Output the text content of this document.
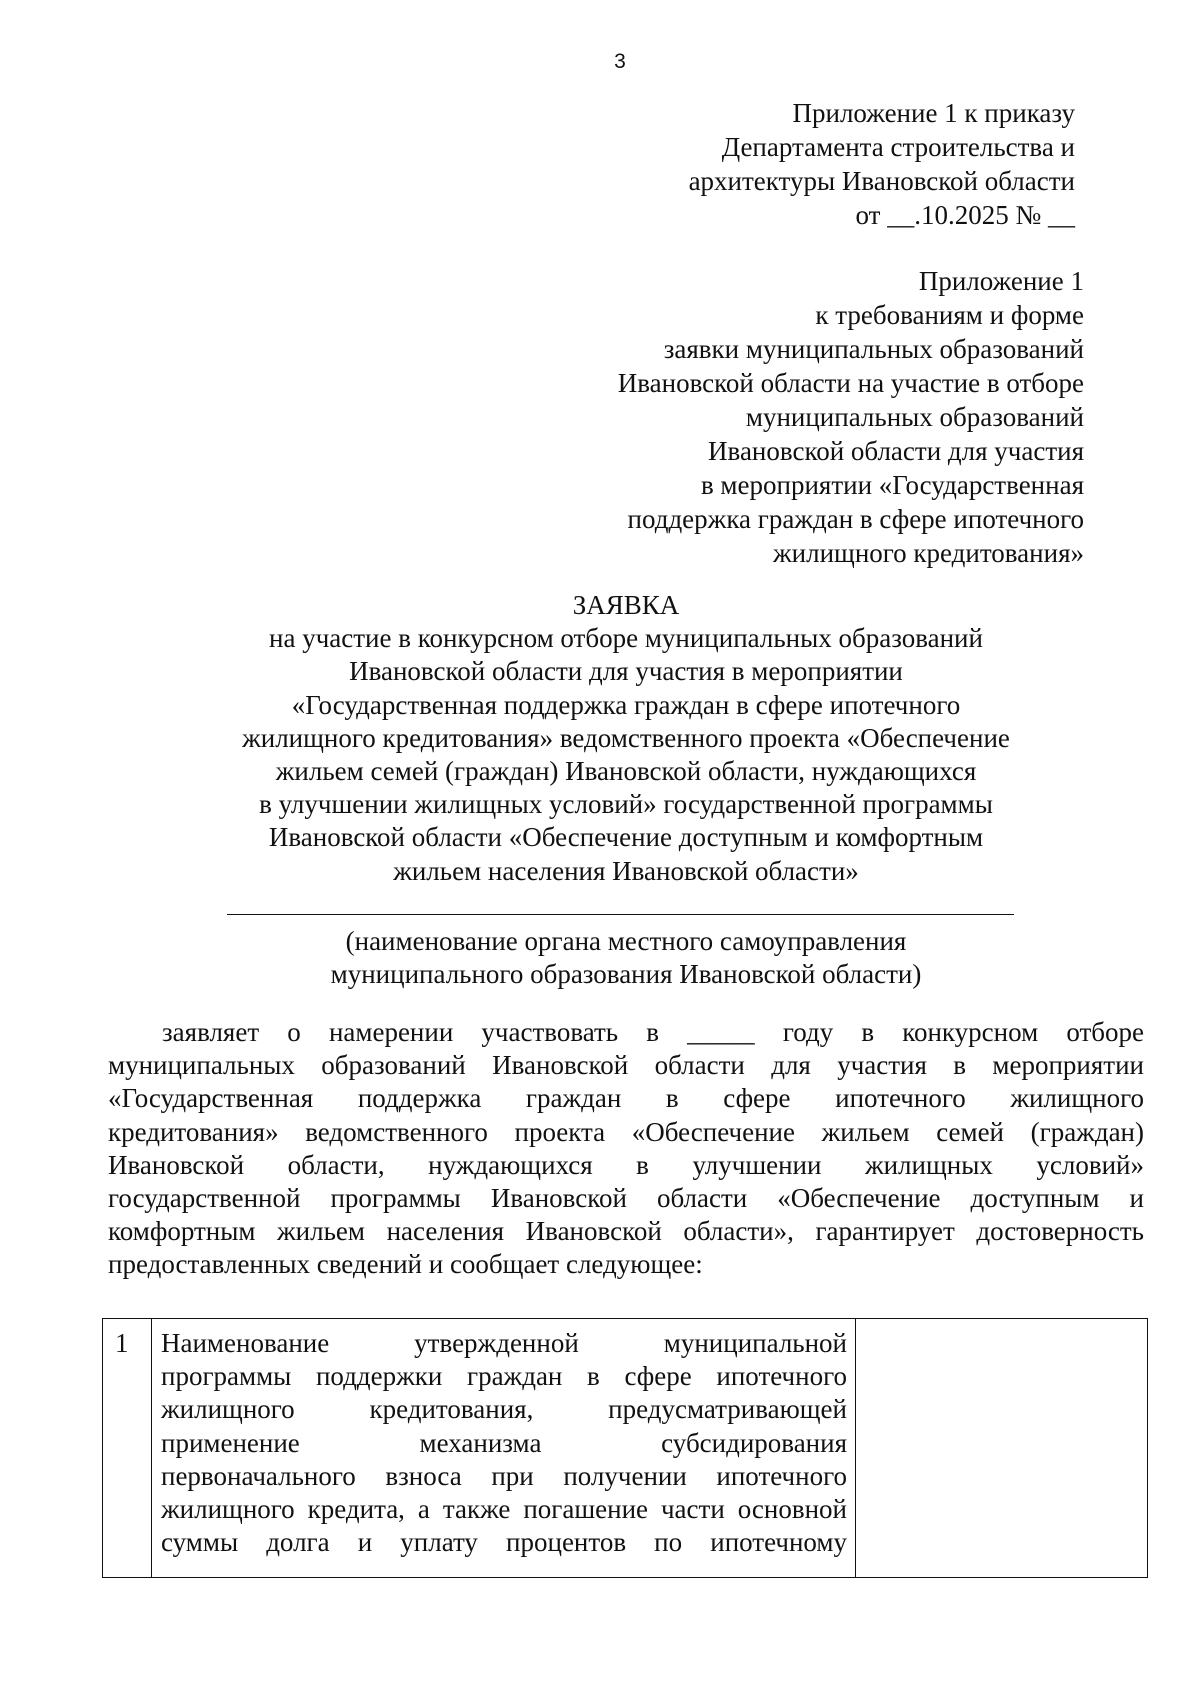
3
Приложение 1 к приказу
Департамента строительства и
архитектуры Ивановской области
от __.10.2025 № __
Приложение 1
к требованиям и форме
заявки муниципальных образований
Ивановской области на участие в отборе
муниципальных образований
Ивановской области для участия
в мероприятии «Государственная
поддержка граждан в сфере ипотечного
жилищного кредитования»
ЗАЯВКА
на участие в конкурсном отборе муниципальных образований
Ивановской области для участия в мероприятии
«Государственная поддержка граждан в сфере ипотечного
жилищного кредитования» ведомственного проекта «Обеспечение
жильем семей (граждан) Ивановской области, нуждающихся
в улучшении жилищных условий» государственной программы
Ивановской области «Обеспечение доступным и комфортным
жильем населения Ивановской области»
(наименование органа местного самоуправления
муниципального образования Ивановской области)
заявляет о намерении участвовать в _____ году в конкурсном отборе
муниципальных образований Ивановской области для участия в мероприятии
«Государственная поддержка граждан в сфере ипотечного жилищного
кредитования» ведомственного проекта «Обеспечение жильем семей (граждан)
Ивановской области, нуждающихся в улучшении жилищных условий»
государственной программы Ивановской области «Обеспечение доступным и
комфортным жильем населения Ивановской области», гарантирует достоверность
предоставленных сведений и сообщает следующее:
1 Наименование утвержденной муниципальной
программы поддержки граждан в сфере ипотечного
жилищного кредитования, предусматривающей
применение механизма субсидирования
первоначального взноса при получении ипотечного
жилищного кредита, а также погашение части основной
суммы долга и уплату процентов по ипотечному
